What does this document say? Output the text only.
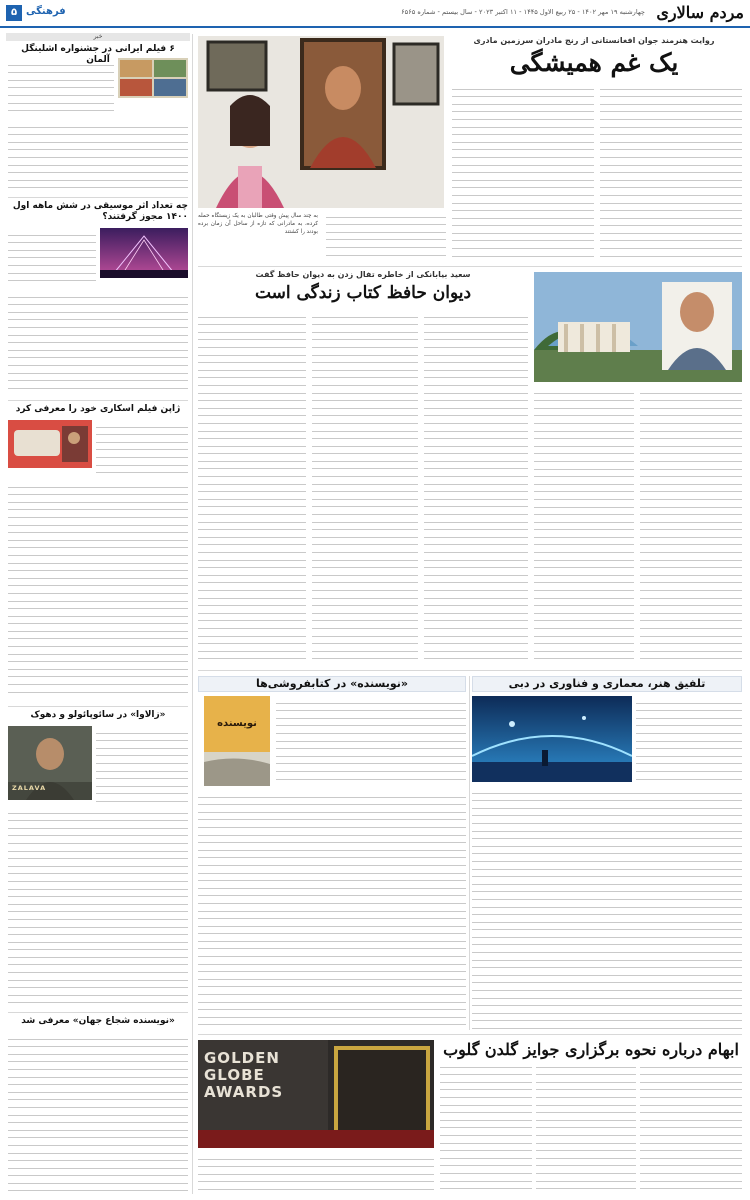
مردم سالاری
چهارشنبه ۱۹ مهر ۱۴۰۲ - ۲۵ ربیع الاول ۱۴۴۵ - ۱۱ اکتبر ۲۰۲۳ - سال بیستم - شماره ۶۵۶۵
فرهنگی
۵
خبر
۶ فیلم ایرانی در جشنواره اشلینگل آلمان
چه تعداد اثر موسیقی در شش ماهه اول ۱۴۰۰ مجوز گرفتند؟
ژاپن فیلم اسکاری خود را معرفی کرد
«زالاوا» در سائوپائولو و دهوک
ZALAVA
«نویسنده شجاع جهان» معرفی شد
روایت هنرمند جوان افغانستانی از رنج مادران سرزمین مادری
یک غم همیشگی
به چند سال پیش وقتی طالبان به یک زیستگاه حمله کرده، به مادرانی که تازه از ساحل آن زمان برده بودند را کشتند
سعید بیابانکی از خاطره تفال زدن به دیوان حافظ گفت
دیوان حافظ کتاب زندگی است
تلفیق هنر، معماری و فناوری در دبی
«نویسنده» در کتابفروشی‌ها
نویسنده
ابهام درباره نحوه برگزاری جوایز گلدن گلوب
GOLDEN GLOBE AWARDS
